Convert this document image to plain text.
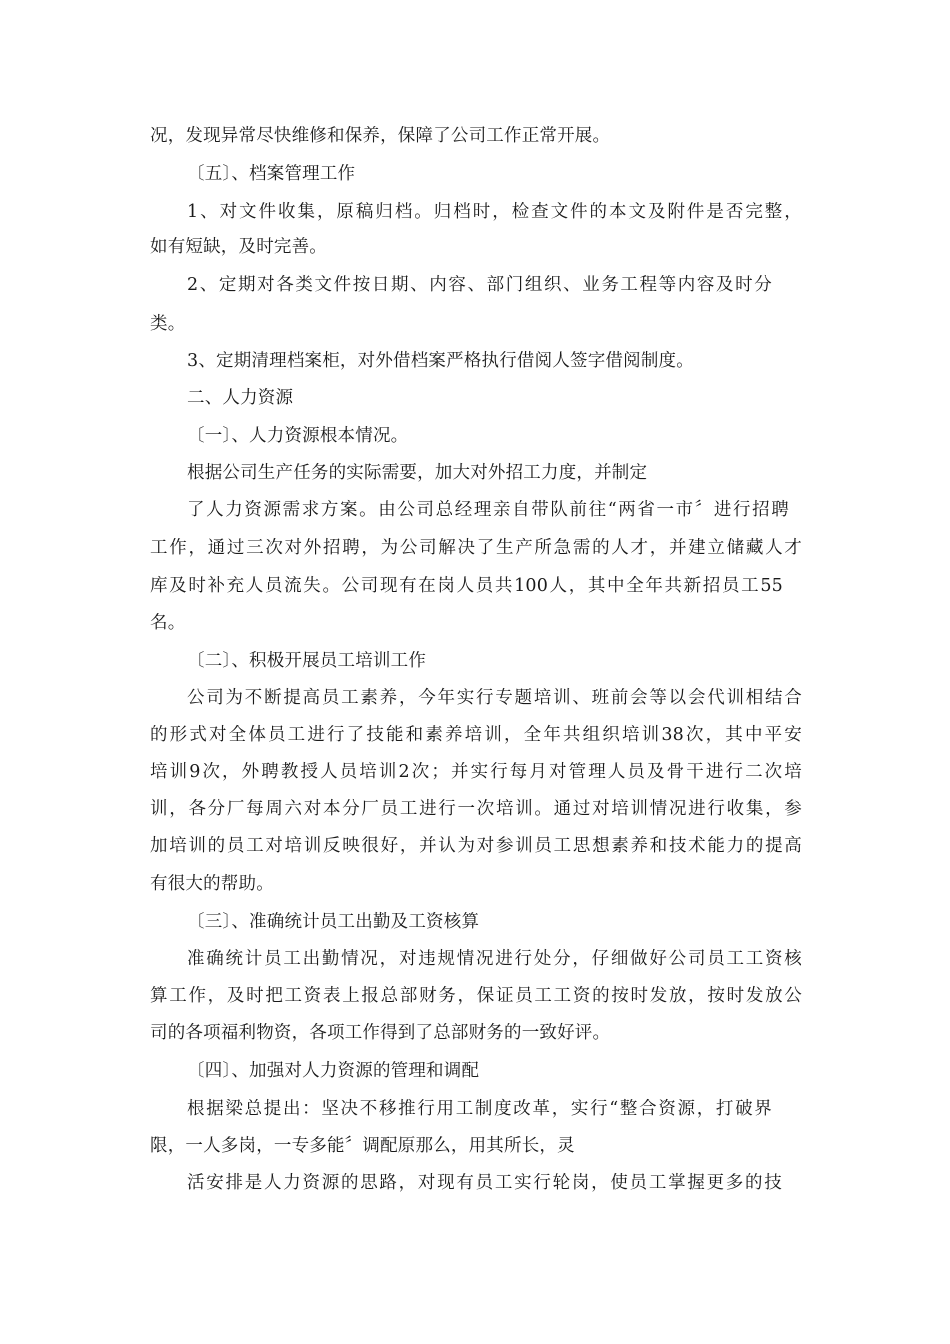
况，发现异常尽快维修和保养，保障了公司工作正常开展。
〔五〕、档案管理工作
1、对文件收集，原稿归档。归档时，检查文件的本文及附件是否完整，
如有短缺，及时完善。
2、定期对各类文件按日期、内容、部门组织、业务工程等内容及时分
类。
3、定期清理档案柜，对外借档案严格执行借阅人签字借阅制度。
二、人力资源
〔一〕、人力资源根本情况。
根据公司生产任务的实际需要，加大对外招工力度，并制定
了人力资源需求方案。由公司总经理亲自带队前往“两省一市〞进行招聘
工作，通过三次对外招聘，为公司解决了生产所急需的人才，并建立储藏人才
库及时补充人员流失。公司现有在岗人员共100人，其中全年共新招员工55
名。
〔二〕、积极开展员工培训工作
公司为不断提高员工素养，今年实行专题培训、班前会等以会代训相结合
的形式对全体员工进行了技能和素养培训，全年共组织培训38次，其中平安
培训9次，外聘教授人员培训2次；并实行每月对管理人员及骨干进行二次培
训，各分厂每周六对本分厂员工进行一次培训。通过对培训情况进行收集，参
加培训的员工对培训反映很好，并认为对参训员工思想素养和技术能力的提高
有很大的帮助。
〔三〕、准确统计员工出勤及工资核算
准确统计员工出勤情况，对违规情况进行处分，仔细做好公司员工工资核
算工作，及时把工资表上报总部财务，保证员工工资的按时发放，按时发放公
司的各项福利物资，各项工作得到了总部财务的一致好评。
〔四〕、加强对人力资源的管理和调配
根据梁总提出：坚决不移推行用工制度改革，实行“整合资源，打破界
限，一人多岗，一专多能〞调配原那么，用其所长，灵
活安排是人力资源的思路，对现有员工实行轮岗，使员工掌握更多的技
